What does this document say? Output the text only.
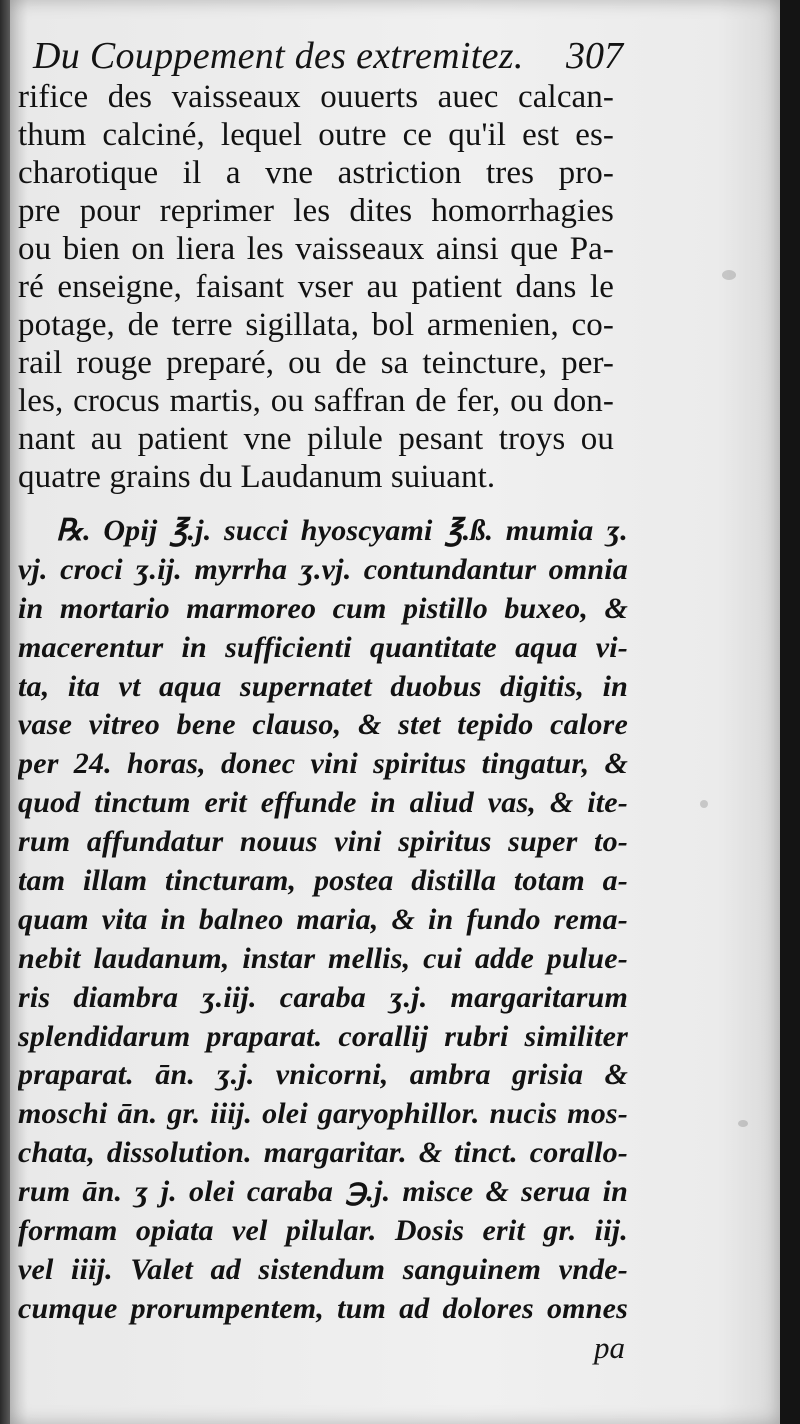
Du Couppement des extremitez. 307
rifice des vaisseaux ouuerts auec calcan-
thum calciné, lequel outre ce qu'il est es-
charotique il a vne astriction tres pro-
pre pour reprimer les dites homorrhagies
ou bien on liera les vaisseaux ainsi que Pa-
ré enseigne, faisant vser au patient dans le
potage, de terre sigillata, bol armenien, co-
rail rouge preparé, ou de sa teincture, per-
les, crocus martis, ou saffran de fer, ou don-
nant au patient vne pilule pesant troys ou
quatre grains du Laudanum suiuant.
℞. Opij ℥.j. succi hyoscyami ℥.ß. mumia ʒ.
vj. croci ʒ.ij. myrrha ʒ.vj. contundantur omnia
in mortario marmoreo cum pistillo buxeo, &
macerentur in sufficienti quantitate aqua vi-
ta, ita vt aqua supernatet duobus digitis, in
vase vitreo bene clauso, & stet tepido calore
per 24. horas, donec vini spiritus tingatur, &
quod tinctum erit effunde in aliud vas, & ite-
rum affundatur nouus vini spiritus super to-
tam illam tincturam, postea distilla totam a-
quam vita in balneo maria, & in fundo rema-
nebit laudanum, instar mellis, cui adde pulue-
ris diambra ʒ.iij. caraba ʒ.j. margaritarum
splendidarum praparat. corallij rubri similiter
praparat. ān. ʒ.j. vnicorni, ambra grisia &
moschi ān. gr. iiij. olei garyophillor. nucis mos-
chata, dissolution. margaritar. & tinct. corallo-
rum ān. ʒ j. olei caraba ℈.j. misce & serua in
formam opiata vel pilular. Dosis erit gr. iij.
vel iiij. Valet ad sistendum sanguinem vnde-
cumque prorumpentem, tum ad dolores omnes
pa
